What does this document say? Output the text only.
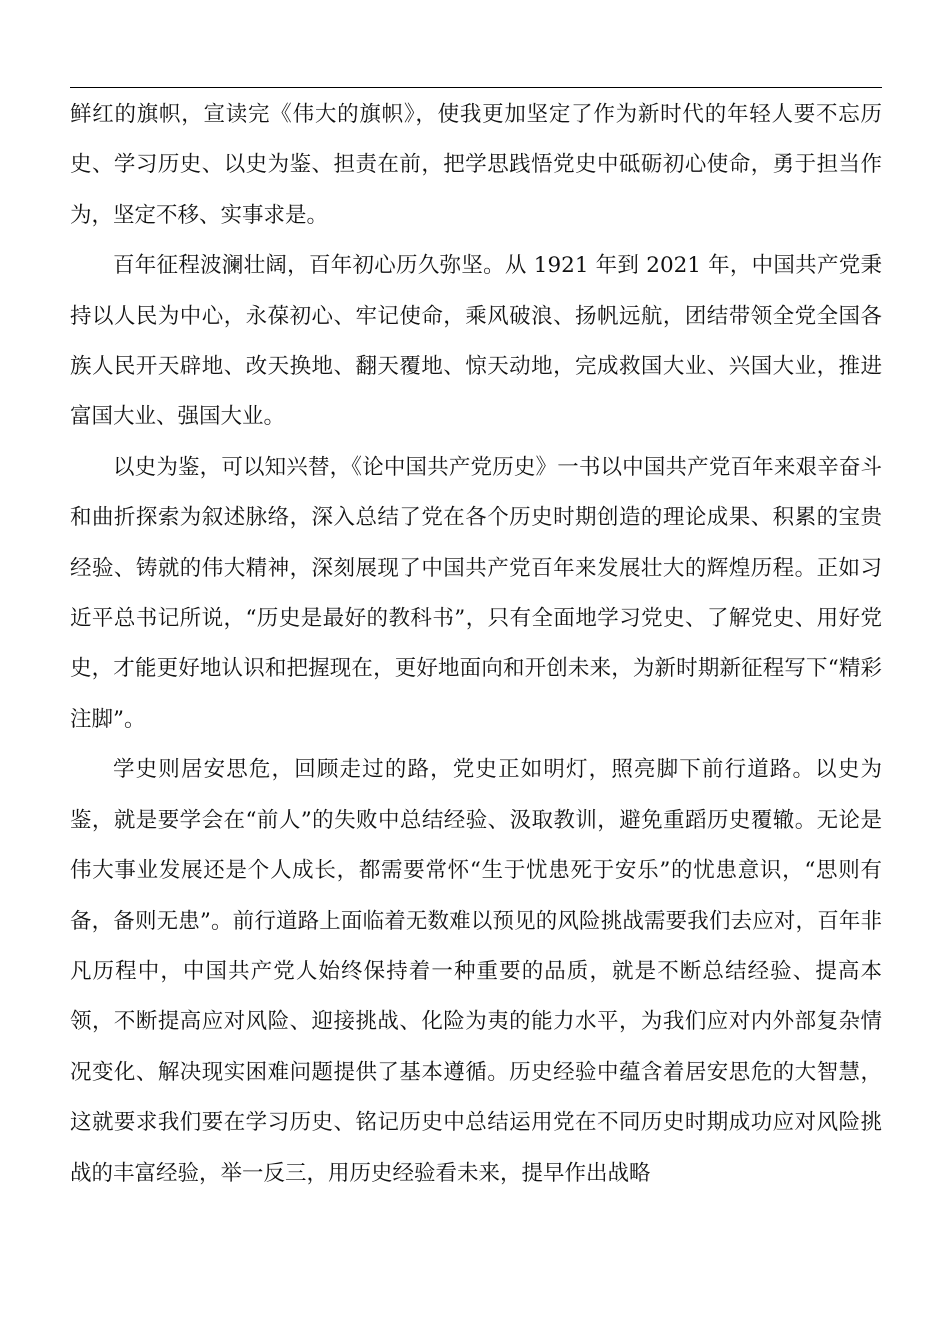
鲜红的旗帜，宣读完《伟大的旗帜》，使我更加坚定了作为新时代的年轻人要不忘历史、学习历史、以史为鉴、担责在前，把学思践悟党史中砥砺初心使命，勇于担当作为，坚定不移、实事求是。

百年征程波澜壮阔，百年初心历久弥坚。从 1921 年到 2021 年，中国共产党秉持以人民为中心，永葆初心、牢记使命，乘风破浪、扬帆远航，团结带领全党全国各族人民开天辟地、改天换地、翻天覆地、惊天动地，完成救国大业、兴国大业，推进富国大业、强国大业。

以史为鉴，可以知兴替，《论中国共产党历史》一书以中国共产党百年来艰辛奋斗和曲折探索为叙述脉络，深入总结了党在各个历史时期创造的理论成果、积累的宝贵经验、铸就的伟大精神，深刻展现了中国共产党百年来发展壮大的辉煌历程。正如习近平总书记所说，“历史是最好的教科书”，只有全面地学习党史、了解党史、用好党史，才能更好地认识和把握现在，更好地面向和开创未来，为新时期新征程写下“精彩注脚”。

学史则居安思危，回顾走过的路，党史正如明灯，照亮脚下前行道路。以史为鉴，就是要学会在“前人”的失败中总结经验、汲取教训，避免重蹈历史覆辙。无论是伟大事业发展还是个人成长，都需要常怀“生于忧患死于安乐”的忧患意识，“思则有备，备则无患”。前行道路上面临着无数难以预见的风险挑战需要我们去应对，百年非凡历程中，中国共产党人始终保持着一种重要的品质，就是不断总结经验、提高本领，不断提高应对风险、迎接挑战、化险为夷的能力水平，为我们应对内外部复杂情况变化、解决现实困难问题提供了基本遵循。历史经验中蕴含着居安思危的大智慧，这就要求我们要在学习历史、铭记历史中总结运用党在不同历史时期成功应对风险挑战的丰富经验，举一反三，用历史经验看未来，提早作出战略
